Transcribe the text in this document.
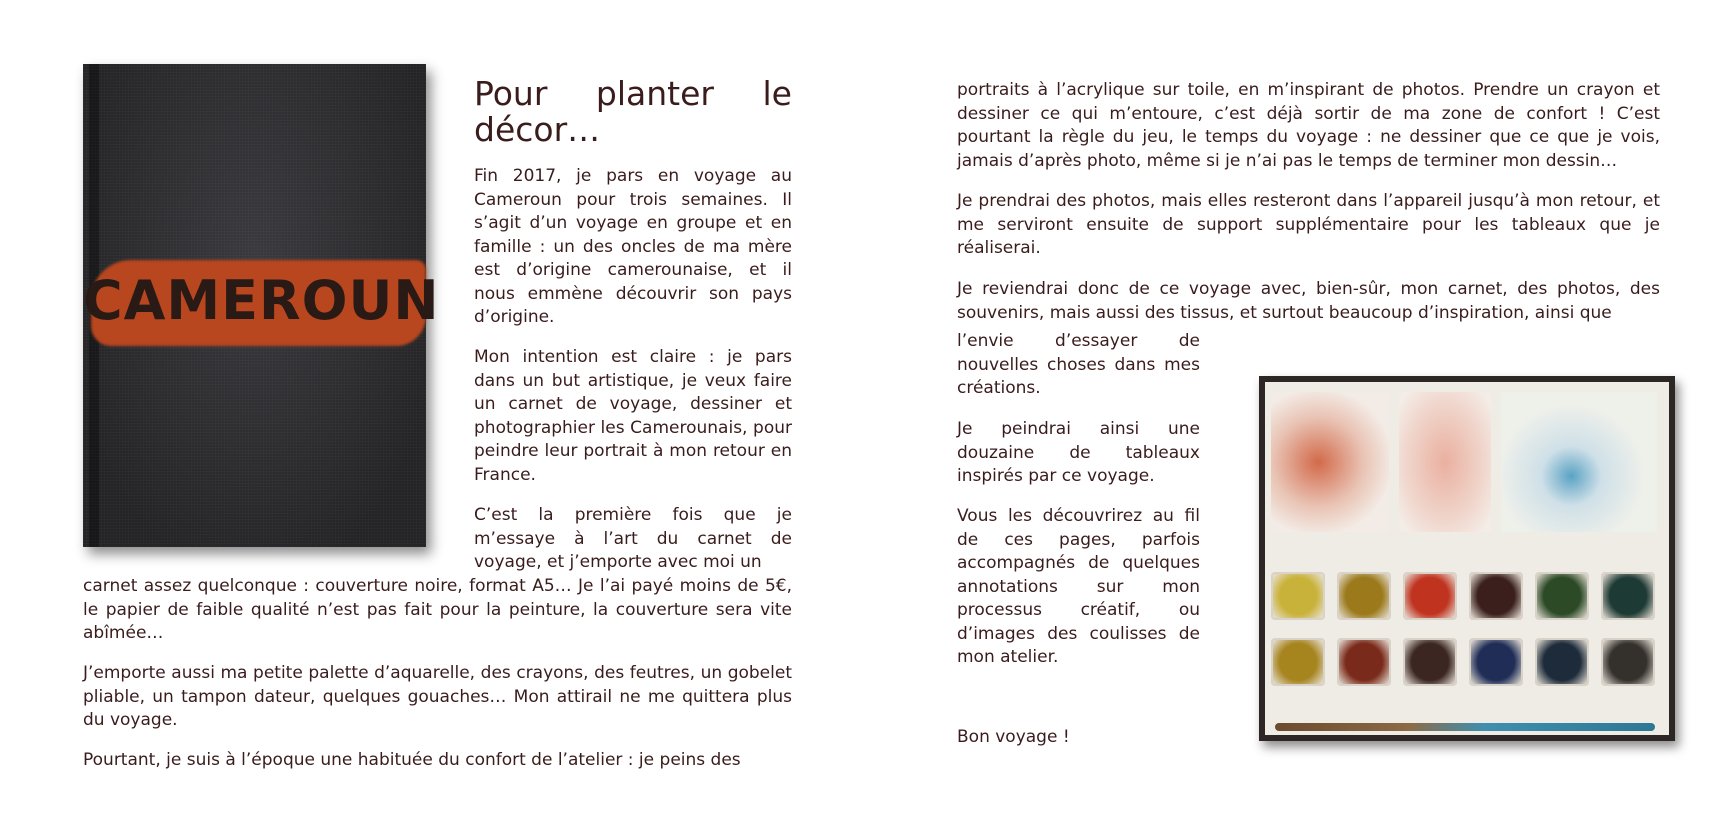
CAMEROUN
Pour planter le décor…

Fin 2017, je pars en voyage au Cameroun pour trois semaines. Il s’agit d’un voyage en groupe et en famille : un des oncles de ma mère est d’origine camerounaise, et il nous emmène découvrir son pays d’origine.

Mon intention est claire : je pars dans un but artistique, je veux faire un carnet de voyage, dessiner et photographier les Camerounais, pour peindre leur portrait à mon retour en France.

C’est la première fois que je m’essaye à l’art du carnet de voyage, et j’emporte avec moi un

carnet assez quelconque : couverture noire, format A5… Je l’ai payé moins de 5€, le papier de faible qualité n’est pas fait pour la peinture, la couverture sera vite abîmée…

J’emporte aussi ma petite palette d’aquarelle, des crayons, des feutres, un gobelet pliable, un tampon dateur, quelques gouaches… Mon attirail ne me quittera plus du voyage.

Pourtant, je suis à l’époque une habituée du confort de l’atelier : je peins des

portraits à l’acrylique sur toile, en m’inspirant de photos. Prendre un crayon et dessiner ce qui m’entoure, c’est déjà sortir de ma zone de confort ! C’est pourtant la règle du jeu, le temps du voyage : ne dessiner que ce que je vois, jamais d’après photo, même si je n’ai pas le temps de terminer mon dessin…

Je prendrai des photos, mais elles resteront dans l’appareil jusqu’à mon retour, et me serviront ensuite de support supplémentaire pour les tableaux que je réaliserai.

Je reviendrai donc de ce voyage avec, bien-sûr, mon carnet, des photos, des souvenirs, mais aussi des tissus, et surtout beaucoup d’inspiration, ainsi que

l’envie d’essayer de nouvelles choses dans mes créations.

Je peindrai ainsi une douzaine de tableaux inspirés par ce voyage.

Vous les découvrirez au fil de ces pages, parfois accompagnés de quelques annotations sur mon processus créatif, ou d’images des coulisses de mon atelier.

Bon voyage !
